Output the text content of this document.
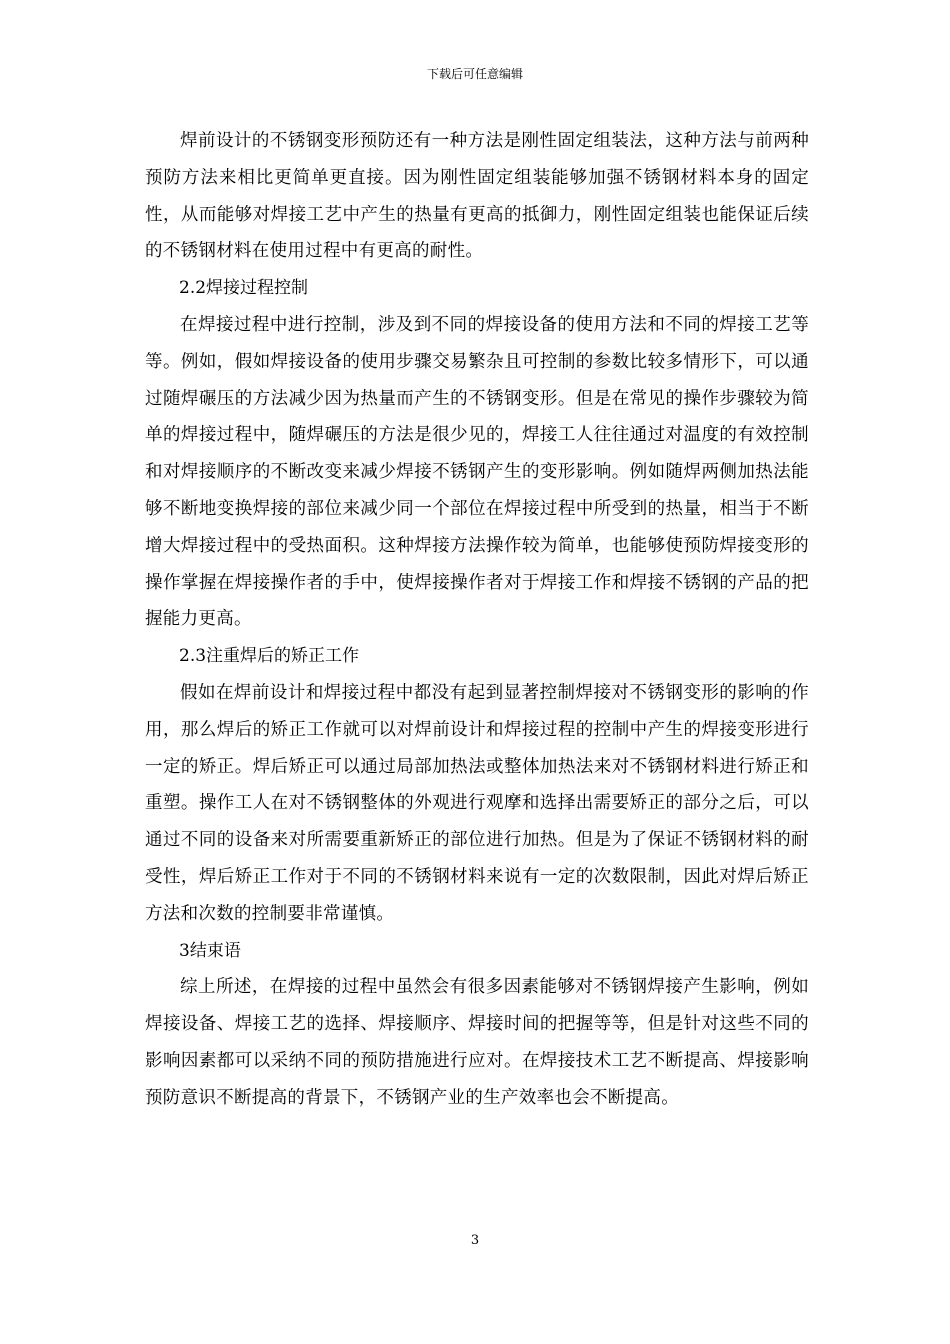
下载后可任意编辑

焊前设计的不锈钢变形预防还有一种方法是刚性固定组装法，这种方法与前两种预防方法来相比更简单更直接。因为刚性固定组装能够加强不锈钢材料本身的固定性，从而能够对焊接工艺中产生的热量有更高的抵御力，刚性固定组装也能保证后续的不锈钢材料在使用过程中有更高的耐性。

2.2焊接过程控制

在焊接过程中进行控制，涉及到不同的焊接设备的使用方法和不同的焊接工艺等等。例如，假如焊接设备的使用步骤交易繁杂且可控制的参数比较多情形下，可以通过随焊碾压的方法减少因为热量而产生的不锈钢变形。但是在常见的操作步骤较为简单的焊接过程中，随焊碾压的方法是很少见的，焊接工人往往通过对温度的有效控制和对焊接顺序的不断改变来减少焊接不锈钢产生的变形影响。例如随焊两侧加热法能够不断地变换焊接的部位来减少同一个部位在焊接过程中所受到的热量，相当于不断增大焊接过程中的受热面积。这种焊接方法操作较为简单，也能够使预防焊接变形的操作掌握在焊接操作者的手中，使焊接操作者对于焊接工作和焊接不锈钢的产品的把握能力更高。

2.3注重焊后的矫正工作

假如在焊前设计和焊接过程中都没有起到显著控制焊接对不锈钢变形的影响的作用，那么焊后的矫正工作就可以对焊前设计和焊接过程的控制中产生的焊接变形进行一定的矫正。焊后矫正可以通过局部加热法或整体加热法来对不锈钢材料进行矫正和重塑。操作工人在对不锈钢整体的外观进行观摩和选择出需要矫正的部分之后，可以通过不同的设备来对所需要重新矫正的部位进行加热。但是为了保证不锈钢材料的耐受性，焊后矫正工作对于不同的不锈钢材料来说有一定的次数限制，因此对焊后矫正方法和次数的控制要非常谨慎。

3结束语

综上所述，在焊接的过程中虽然会有很多因素能够对不锈钢焊接产生影响，例如焊接设备、焊接工艺的选择、焊接顺序、焊接时间的把握等等，但是针对这些不同的影响因素都可以采纳不同的预防措施进行应对。在焊接技术工艺不断提高、焊接影响预防意识不断提高的背景下，不锈钢产业的生产效率也会不断提高。

3
